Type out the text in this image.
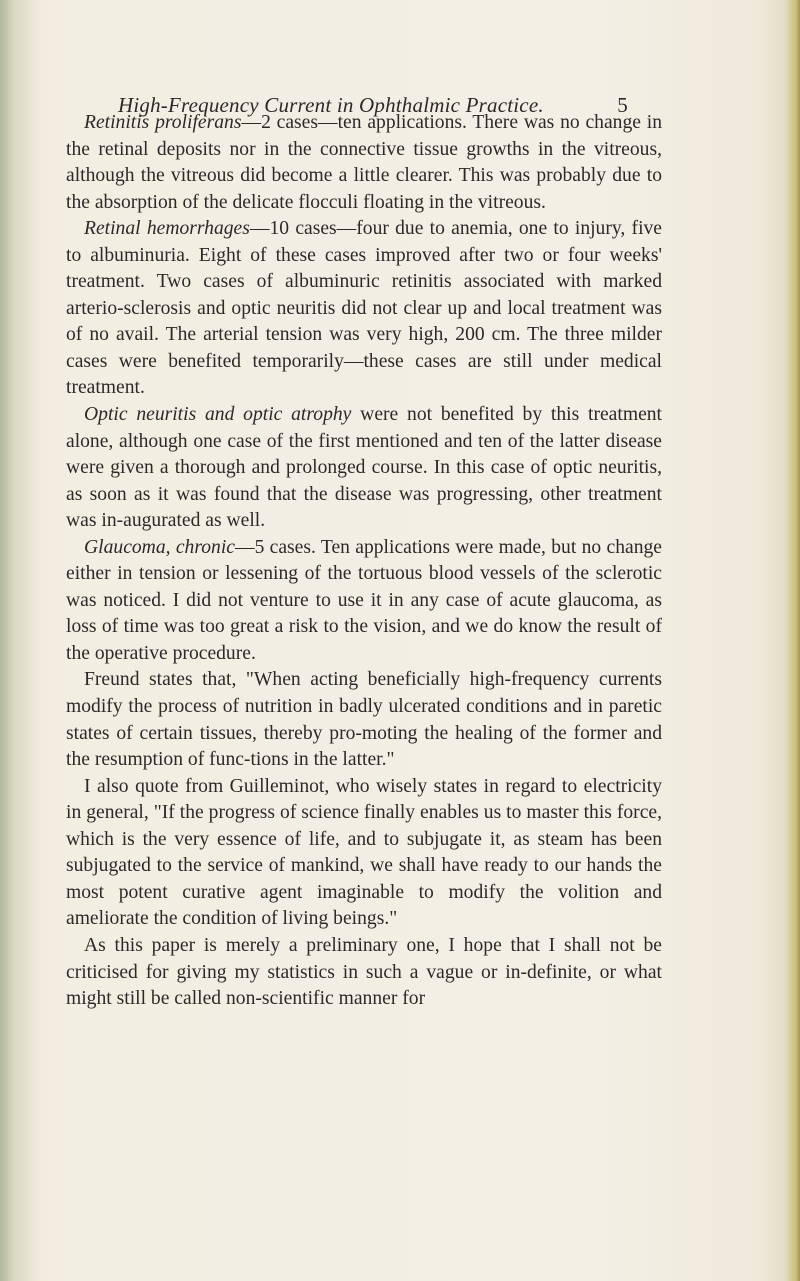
High-Frequency Current in Ophthalmic Practice.	5

Retinitis proliferans—2 cases—ten applications. There was no change in the retinal deposits nor in the connective tissue growths in the vitreous, although the vitreous did become a little clearer. This was probably due to the absorption of the delicate flocculi floating in the vitreous.

Retinal hemorrhages—10 cases—four due to anemia, one to injury, five to albuminuria. Eight of these cases improved after two or four weeks' treatment. Two cases of albuminuric retinitis associated with marked arterio-sclerosis and optic neuritis did not clear up and local treatment was of no avail. The arterial tension was very high, 200 cm. The three milder cases were benefited temporarily—these cases are still under medical treatment.

Optic neuritis and optic atrophy were not benefited by this treatment alone, although one case of the first mentioned and ten of the latter disease were given a thorough and prolonged course. In this case of optic neuritis, as soon as it was found that the disease was progressing, other treatment was in-augurated as well.

Glaucoma, chronic—5 cases. Ten applications were made, but no change either in tension or lessening of the tortuous blood vessels of the sclerotic was noticed. I did not venture to use it in any case of acute glaucoma, as loss of time was too great a risk to the vision, and we do know the result of the operative procedure.

Freund states that, "When acting beneficially high-frequency currents modify the process of nutrition in badly ulcerated conditions and in paretic states of certain tissues, thereby pro-moting the healing of the former and the resumption of func-tions in the latter."

I also quote from Guilleminot, who wisely states in regard to electricity in general, "If the progress of science finally enables us to master this force, which is the very essence of life, and to subjugate it, as steam has been subjugated to the service of mankind, we shall have ready to our hands the most potent curative agent imaginable to modify the volition and ameliorate the condition of living beings."

As this paper is merely a preliminary one, I hope that I shall not be criticised for giving my statistics in such a vague or in-definite, or what might still be called non-scientific manner for
